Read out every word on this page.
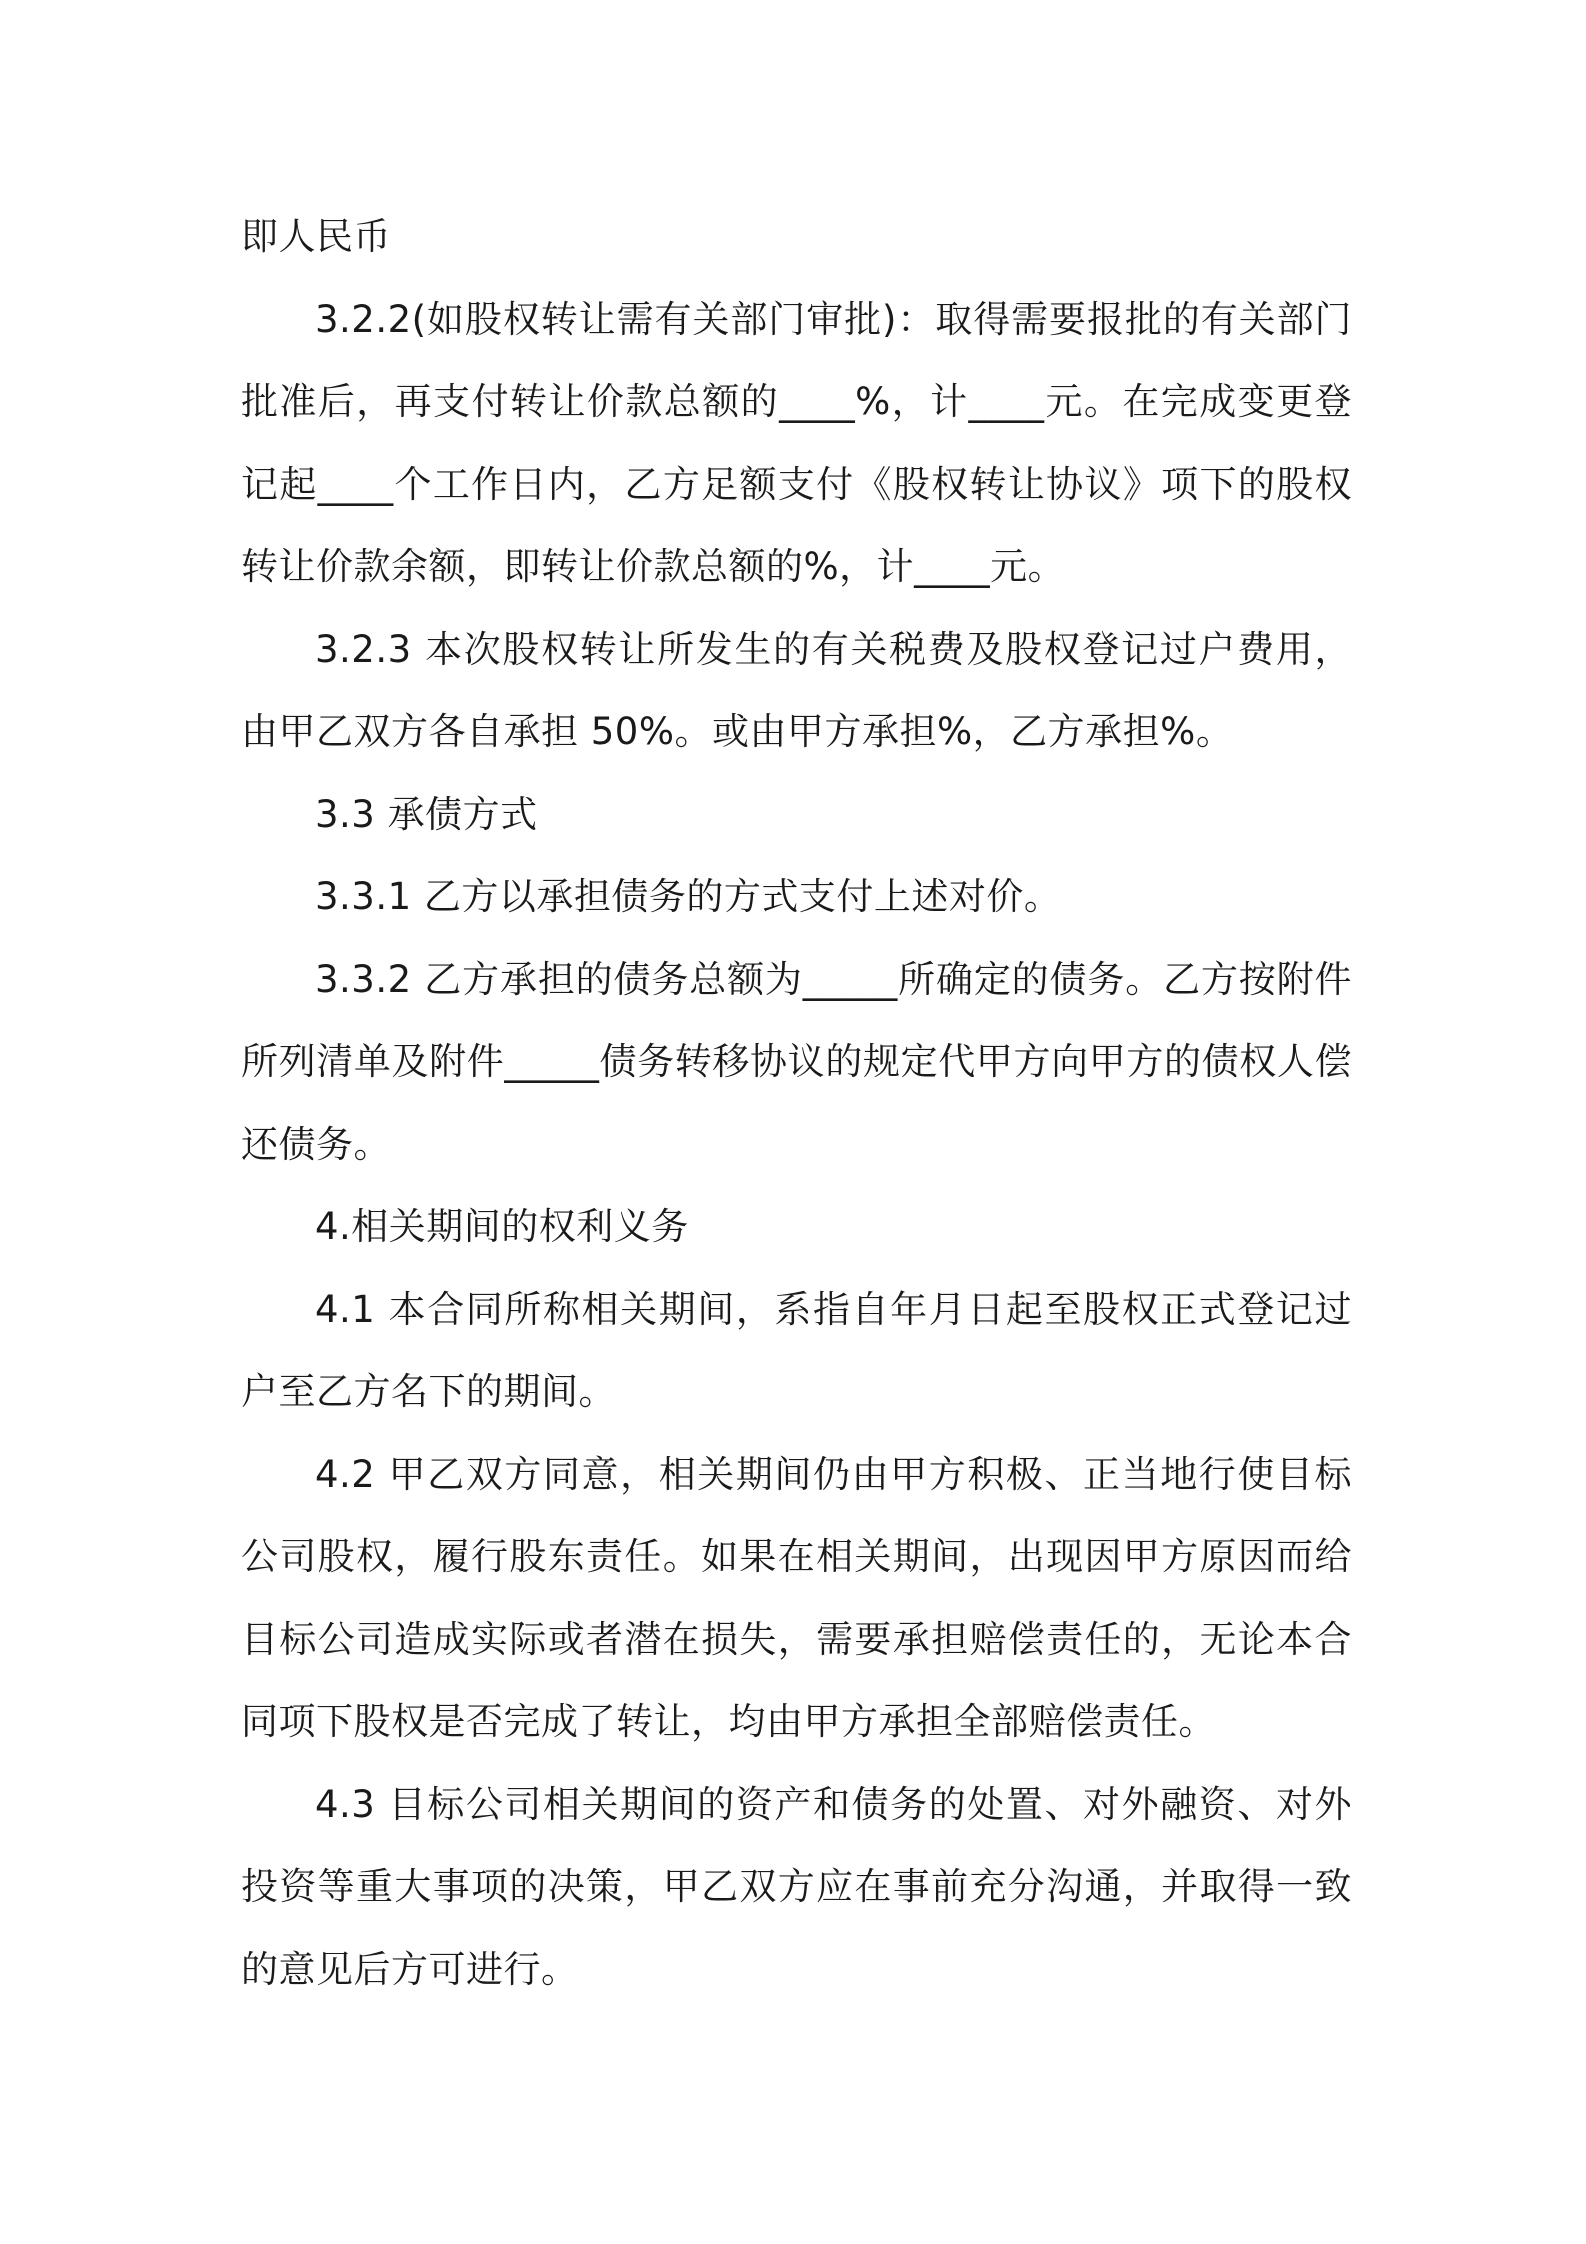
即人民币

3.2.2(如股权转让需有关部门审批)：取得需要报批的有关部门批准后，再支付转让价款总额的____%，计____元。在完成变更登记起____个工作日内，乙方足额支付《股权转让协议》项下的股权转让价款余额，即转让价款总额的%，计____元。

3.2.3 本次股权转让所发生的有关税费及股权登记过户费用，由甲乙双方各自承担 50%。或由甲方承担%，乙方承担%。

3.3 承债方式

3.3.1 乙方以承担债务的方式支付上述对价。

3.3.2 乙方承担的债务总额为_____所确定的债务。乙方按附件所列清单及附件_____债务转移协议的规定代甲方向甲方的债权人偿还债务。

4.相关期间的权利义务

4.1 本合同所称相关期间，系指自年月日起至股权正式登记过户至乙方名下的期间。

4.2 甲乙双方同意，相关期间仍由甲方积极、正当地行使目标公司股权，履行股东责任。如果在相关期间，出现因甲方原因而给目标公司造成实际或者潜在损失，需要承担赔偿责任的，无论本合同项下股权是否完成了转让，均由甲方承担全部赔偿责任。

4.3 目标公司相关期间的资产和债务的处置、对外融资、对外投资等重大事项的决策，甲乙双方应在事前充分沟通，并取得一致的意见后方可进行。
